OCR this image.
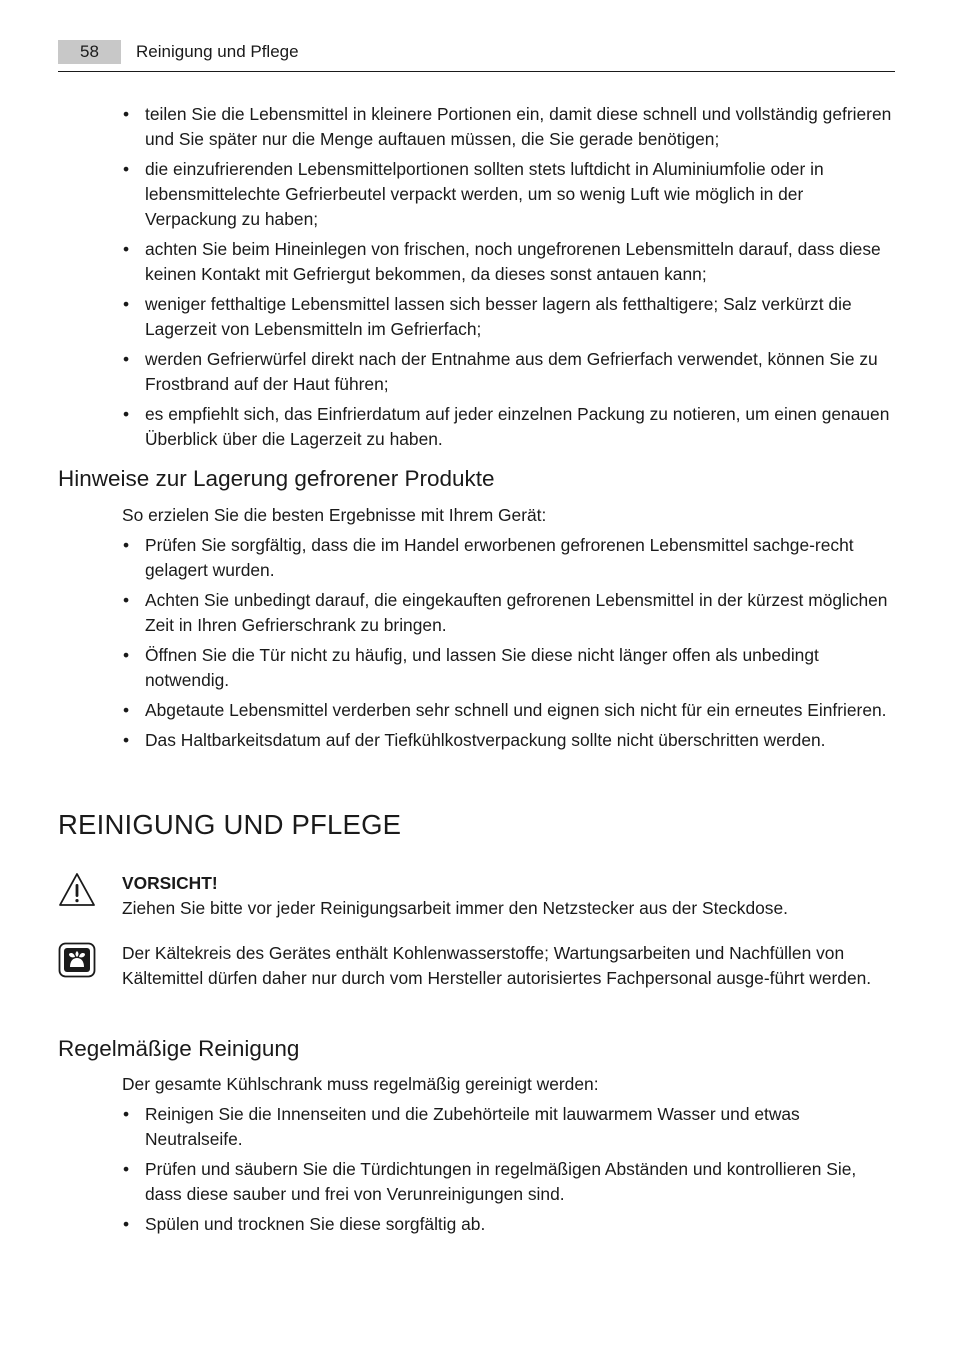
58	Reinigung und Pflege
• teilen Sie die Lebensmittel in kleinere Portionen ein, damit diese schnell und vollständig gefrieren und Sie später nur die Menge auftauen müssen, die Sie gerade benötigen;
• die einzufrierenden Lebensmittelportionen sollten stets luftdicht in Aluminiumfolie oder in lebensmittelechte Gefrierbeutel verpackt werden, um so wenig Luft wie möglich in der Verpackung zu haben;
• achten Sie beim Hineinlegen von frischen, noch ungefrorenen Lebensmitteln darauf, dass diese keinen Kontakt mit Gefriergut bekommen, da dieses sonst antauen kann;
• weniger fetthaltige Lebensmittel lassen sich besser lagern als fetthaltigere; Salz verkürzt die Lagerzeit von Lebensmitteln im Gefrierfach;
• werden Gefrierwürfel direkt nach der Entnahme aus dem Gefrierfach verwendet, können Sie zu Frostbrand auf der Haut führen;
• es empfiehlt sich, das Einfrierdatum auf jeder einzelnen Packung zu notieren, um einen genauen Überblick über die Lagerzeit zu haben.
Hinweise zur Lagerung gefrorener Produkte
So erzielen Sie die besten Ergebnisse mit Ihrem Gerät:
• Prüfen Sie sorgfältig, dass die im Handel erworbenen gefrorenen Lebensmittel sachge-recht gelagert wurden.
• Achten Sie unbedingt darauf, die eingekauften gefrorenen Lebensmittel in der kürzest möglichen Zeit in Ihren Gefrierschrank zu bringen.
• Öffnen Sie die Tür nicht zu häufig, und lassen Sie diese nicht länger offen als unbedingt notwendig.
• Abgetaute Lebensmittel verderben sehr schnell und eignen sich nicht für ein erneutes Einfrieren.
• Das Haltbarkeitsdatum auf der Tiefkühlkostverpackung sollte nicht überschritten werden.
REINIGUNG UND PFLEGE
VORSICHT!
Ziehen Sie bitte vor jeder Reinigungsarbeit immer den Netzstecker aus der Steckdose.
Der Kältekreis des Gerätes enthält Kohlenwasserstoffe; Wartungsarbeiten und Nachfüllen von Kältemittel dürfen daher nur durch vom Hersteller autorisiertes Fachpersonal ausge-führt werden.
Regelmäßige Reinigung
Der gesamte Kühlschrank muss regelmäßig gereinigt werden:
• Reinigen Sie die Innenseiten und die Zubehörteile mit lauwarmem Wasser und etwas Neutralseife.
• Prüfen und säubern Sie die Türdichtungen in regelmäßigen Abständen und kontrollieren Sie, dass diese sauber und frei von Verunreinigungen sind.
• Spülen und trocknen Sie diese sorgfältig ab.
